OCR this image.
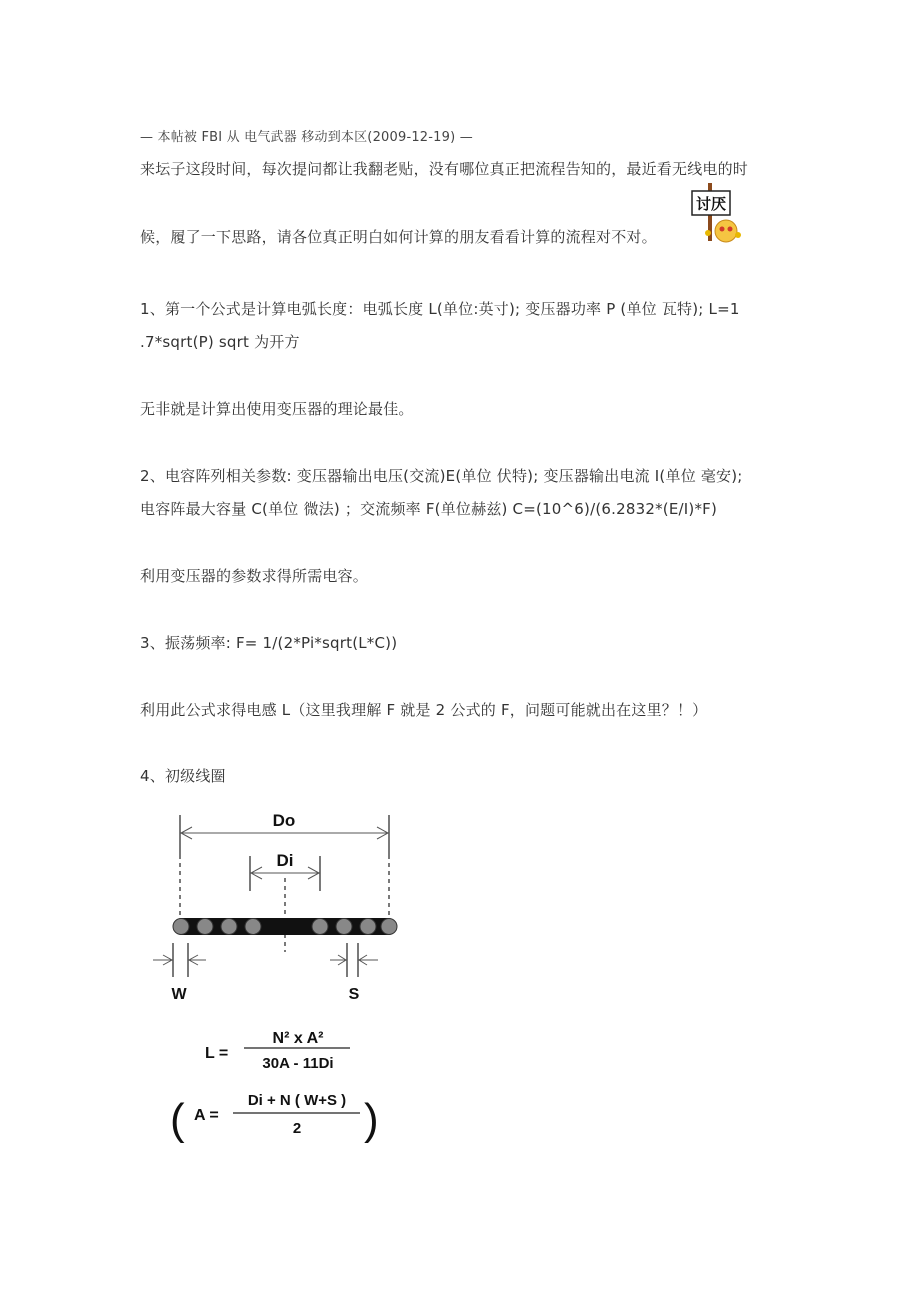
— 本帖被 FBI 从 电气武器 移动到本区(2009-12-19) —
来坛子这段时间，每次提问都让我翻老贴，没有哪位真正把流程告知的，最近看无线电的时
候，履了一下思路，请各位真正明白如何计算的朋友看看计算的流程对不对。
讨厌
1、第一个公式是计算电弧长度：电弧长度 L(单位:英寸); 变压器功率 P (单位 瓦特); L=1
.7*sqrt(P) sqrt 为开方
无非就是计算出使用变压器的理论最佳。
2、电容阵列相关参数: 变压器输出电压(交流)E(单位 伏特); 变压器输出电流 I(单位 毫安);
电容阵最大容量 C(单位 微法) ；交流频率 F(单位赫兹) C=(10^6)/(6.2832*(E/I)*F)
利用变压器的参数求得所需电容。
3、振荡频率: F= 1/(2*Pi*sqrt(L*C))
利用此公式求得电感 L（这里我理解 F 就是 2 公式的 F，问题可能就出在这里？！）
4、初级线圈
Do
Di
W	S
L =
N² x A²
30A - 11Di
( A =
Di + N ( W+S )
2 )
